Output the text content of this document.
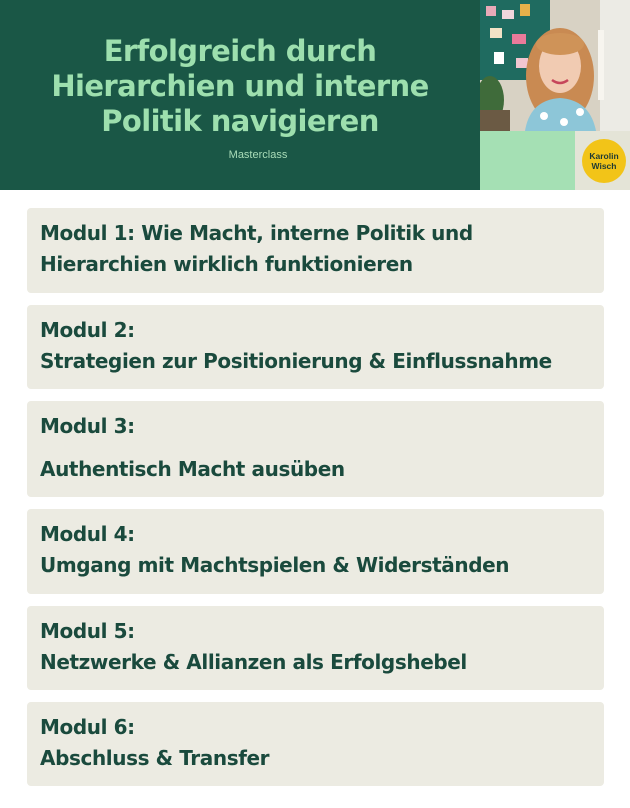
Erfolgreich durch
Hierarchien und interne
Politik navigieren
Masterclass	Karolin
Wisch
Modul 1: Wie Macht, interne Politik und
Hierarchien wirklich funktionieren
Modul 2:
Strategien zur Positionierung & Einflussnahme
Modul 3:
Authentisch Macht ausüben
Modul 4:
Umgang mit Machtspielen & Widerständen
Modul 5:
Netzwerke & Allianzen als Erfolgshebel
Modul 6:
Abschluss & Transfer
